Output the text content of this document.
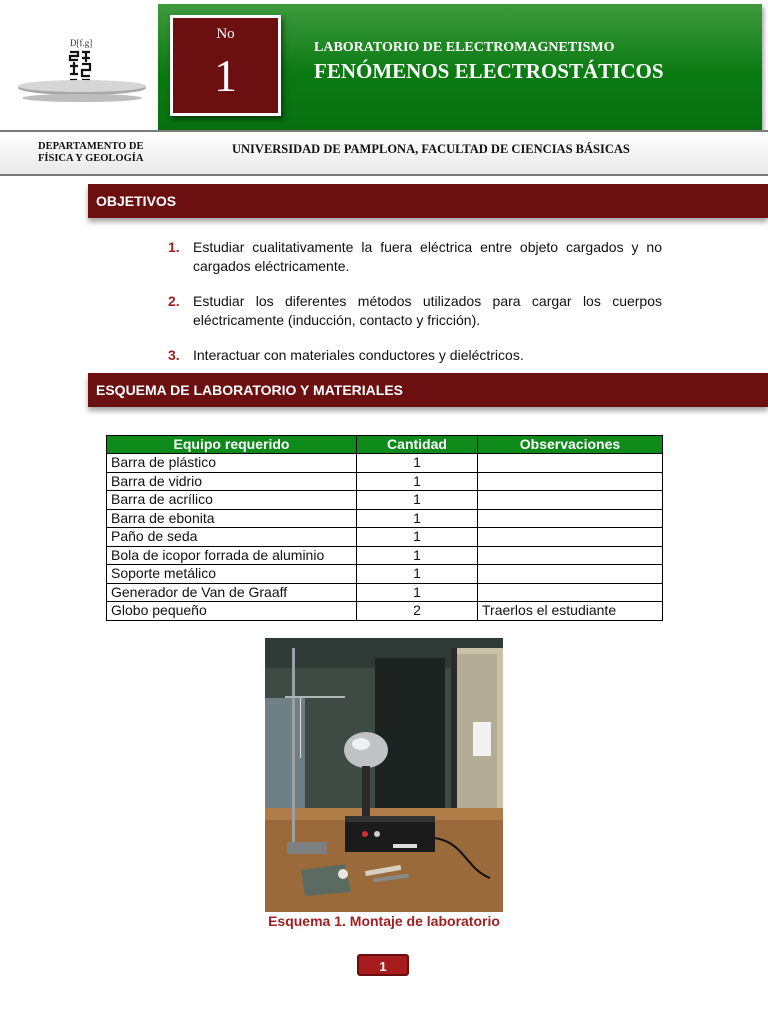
D[f.g]
No
1
LABORATORIO DE ELECTROMAGNETISMO
FENÓMENOS ELECTROSTÁTICOS
DEPARTAMENTO DE
FÍSICA Y GEOLOGÍA
UNIVERSIDAD DE PAMPLONA, FACULTAD DE CIENCIAS BÁSICAS
OBJETIVOS
1. Estudiar cualitativamente la fuera eléctrica entre objeto cargados y no cargados eléctricamente.
2. Estudiar los diferentes métodos utilizados para cargar los cuerpos eléctricamente (inducción, contacto y fricción).
3. Interactuar con materiales conductores y dieléctricos.
ESQUEMA DE LABORATORIO Y MATERIALES
Equipo requerido	Cantidad	Observaciones
Barra de plástico	1	
Barra de vidrio	1	
Barra de acrílico	1	
Barra de ebonita	1	
Paño de seda	1	
Bola de icopor forrada de aluminio	1	
Soporte metálico	1	
Generador de Van de Graaff	1	
Globo pequeño	2	Traerlos el estudiante
Esquema 1. Montaje de laboratorio
1
